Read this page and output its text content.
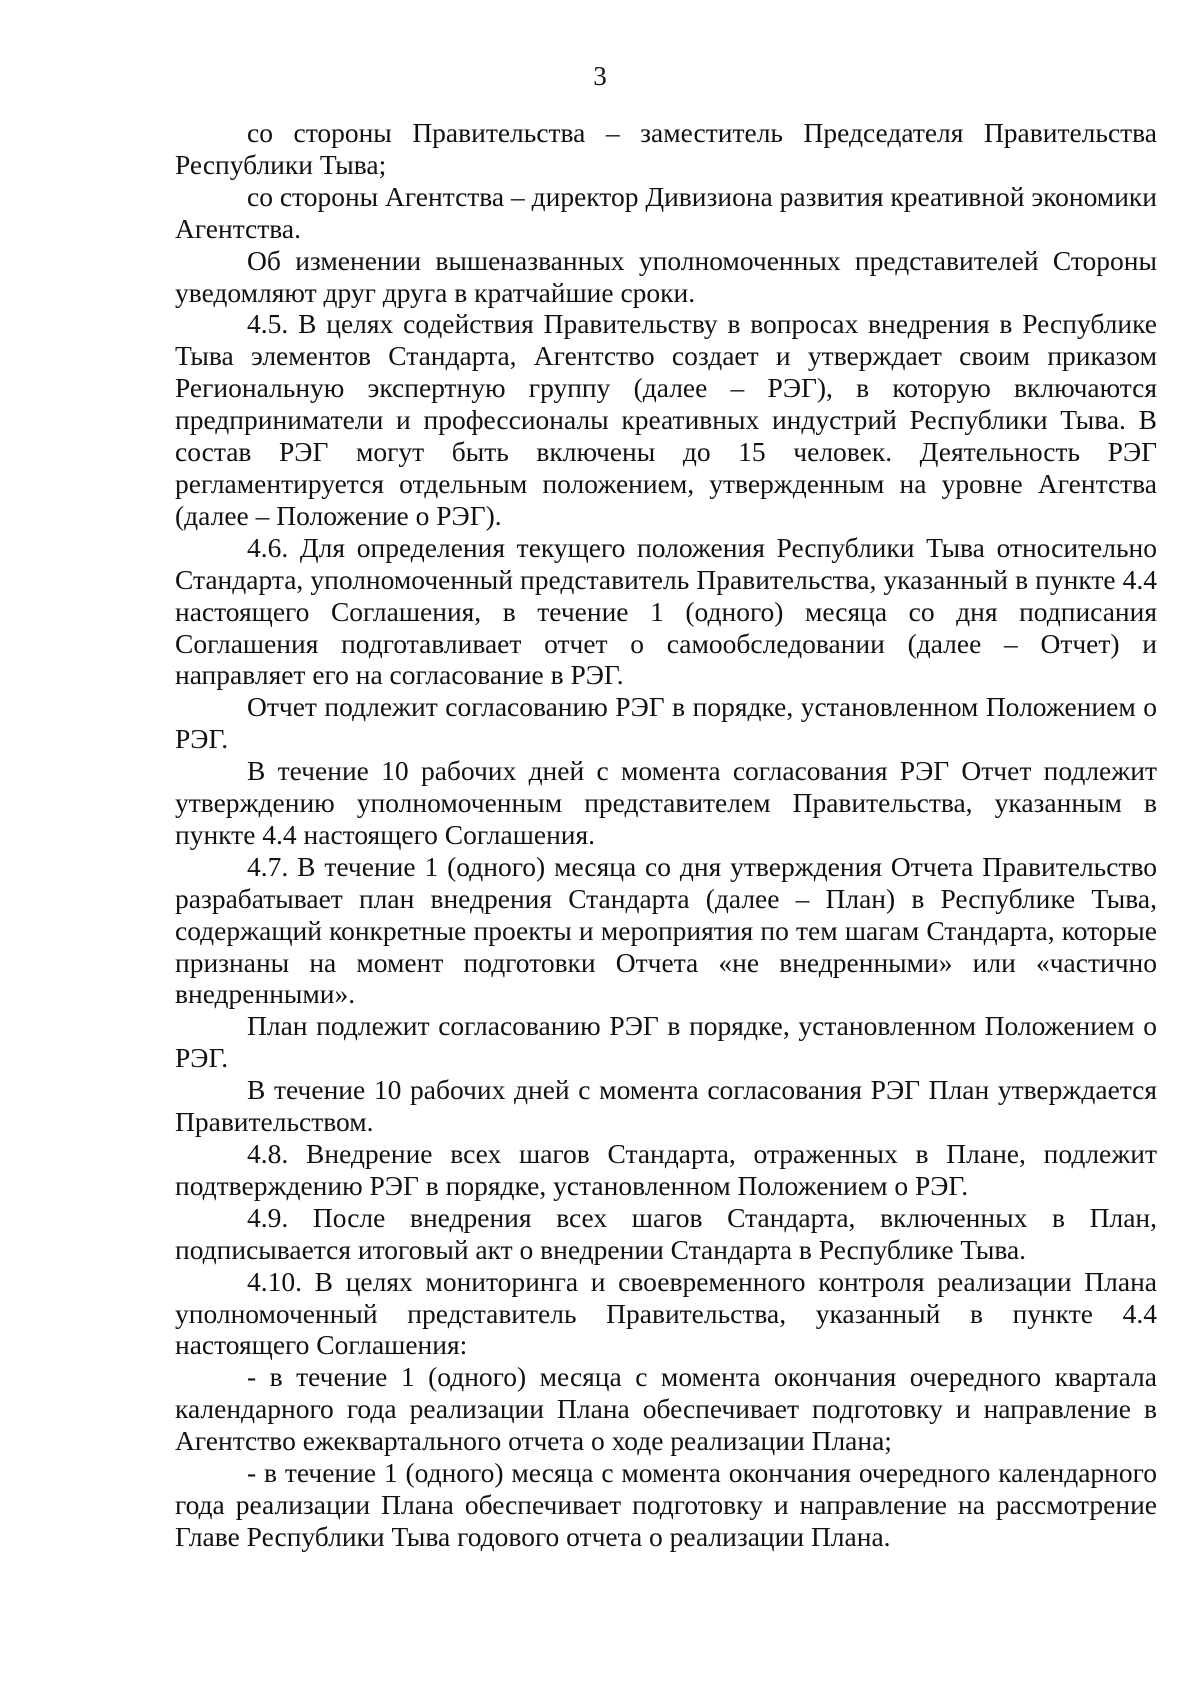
3

со стороны Правительства – заместитель Председателя Правительства Республики Тыва;

со стороны Агентства – директор Дивизиона развития креативной экономики Агентства.

Об изменении вышеназванных уполномоченных представителей Стороны уведомляют друг друга в кратчайшие сроки.

4.5. В целях содействия Правительству в вопросах внедрения в Республике Тыва элементов Стандарта, Агентство создает и утверждает своим приказом Региональную экспертную группу (далее – РЭГ), в которую включаются предприниматели и профессионалы креативных индустрий Республики Тыва. В состав РЭГ могут быть включены до 15 человек. Деятельность РЭГ регламентируется отдельным положением, утвержденным на уровне Агентства (далее – Положение о РЭГ).

4.6. Для определения текущего положения Республики Тыва относительно Стандарта, уполномоченный представитель Правительства, указанный в пункте 4.4 настоящего Соглашения, в течение 1 (одного) месяца со дня подписания Соглашения подготавливает отчет о самообследовании (далее – Отчет) и направляет его на согласование в РЭГ.

Отчет подлежит согласованию РЭГ в порядке, установленном Положением о РЭГ.

В течение 10 рабочих дней с момента согласования РЭГ Отчет подлежит утверждению уполномоченным представителем Правительства, указанным в пункте 4.4 настоящего Соглашения.

4.7. В течение 1 (одного) месяца со дня утверждения Отчета Правительство разрабатывает план внедрения Стандарта (далее – План) в Республике Тыва, содержащий конкретные проекты и мероприятия по тем шагам Стандарта, которые признаны на момент подготовки Отчета «не внедренными» или «частично внедренными».

План подлежит согласованию РЭГ в порядке, установленном Положением о РЭГ.

В течение 10 рабочих дней с момента согласования РЭГ План утверждается Правительством.

4.8. Внедрение всех шагов Стандарта, отраженных в Плане, подлежит подтверждению РЭГ в порядке, установленном Положением о РЭГ.

4.9. После внедрения всех шагов Стандарта, включенных в План, подписывается итоговый акт о внедрении Стандарта в Республике Тыва.

4.10. В целях мониторинга и своевременного контроля реализации Плана уполномоченный представитель Правительства, указанный в пункте 4.4 настоящего Соглашения:

- в течение 1 (одного) месяца с момента окончания очередного квартала календарного года реализации Плана обеспечивает подготовку и направление в Агентство ежеквартального отчета о ходе реализации Плана;

- в течение 1 (одного) месяца с момента окончания очередного календарного года реализации Плана обеспечивает подготовку и направление на рассмотрение Главе Республики Тыва годового отчета о реализации Плана.
